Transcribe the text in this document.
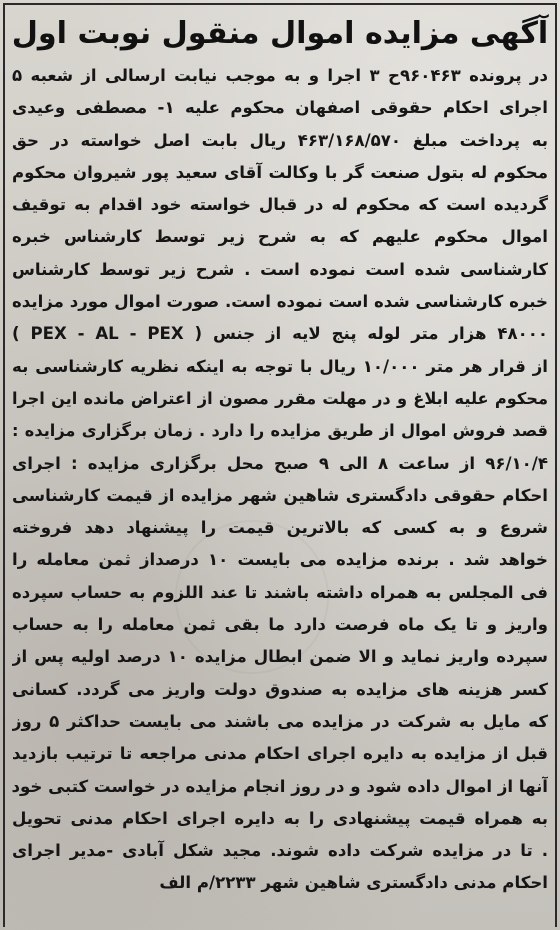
آگهی مزایده اموال منقول نوبت اول
در پرونده ۹۶۰۴۶۳ح ۳ اجرا و به موجب نیابت ارسالی از شعبه ۵
اجرای احکام حقوقی اصفهان محکوم علیه ۱- مصطفی وعیدی
به پرداخت مبلغ ۴۶۳/۱۶۸/۵۷۰ ریال بابت اصل خواسته در حق
محکوم له بتول صنعت گر با وکالت آقای سعید پور شیروان محکوم
گردیده است که محکوم له در قبال خواسته خود اقدام به توقیف
اموال محکوم علیهم که به شرح زیر توسط کارشناس خبره
کارشناسی شده است نموده است . شرح زیر توسط کارشناس
خبره کارشناسی شده است نموده است. صورت اموال مورد مزایده
۴۸۰۰۰ هزار متر لوله پنج لایه از جنس ( PEX - AL - PEX )
از قرار هر متر ۱۰/۰۰۰ ریال با توجه به اینکه نظریه کارشناسی به
محکوم علیه ابلاغ و در مهلت مقرر مصون از اعتراض مانده این اجرا
قصد فروش اموال از طریق مزایده را دارد . زمان برگزاری مزایده :
۹۶/۱۰/۴ از ساعت ۸ الی ۹ صبح محل برگزاری مزایده : اجرای
احکام حقوقی دادگستری شاهین شهر مزایده از قیمت کارشناسی
شروع و به کسی که بالاترین قیمت را پیشنهاد دهد فروخته
خواهد شد . برنده مزایده می بایست ۱۰ درصداز ثمن معامله را
فی المجلس به همراه داشته باشند تا عند اللزوم به حساب سپرده
واریز و تا یک ماه فرصت دارد ما بقی ثمن معامله را به حساب
سپرده واریز نماید و الا ضمن ابطال مزایده ۱۰ درصد اولیه پس از
کسر هزینه های مزایده به صندوق دولت واریز می گردد. کسانی
که مایل به شرکت در مزایده می باشند می بایست حداکثر ۵ روز
قبل از مزایده به دایره اجرای احکام مدنی مراجعه تا ترتیب بازدید
آنها از اموال داده شود و در روز انجام مزایده در خواست کتبی خود
به همراه قیمت پیشنهادی را به دایره اجرای احکام مدنی تحویل
. تا در مزایده شرکت داده شوند. مجید شکل آبادی -مدیر اجرای
احکام مدنی دادگستری شاهین شهر ۲۲۳۳/م الف
